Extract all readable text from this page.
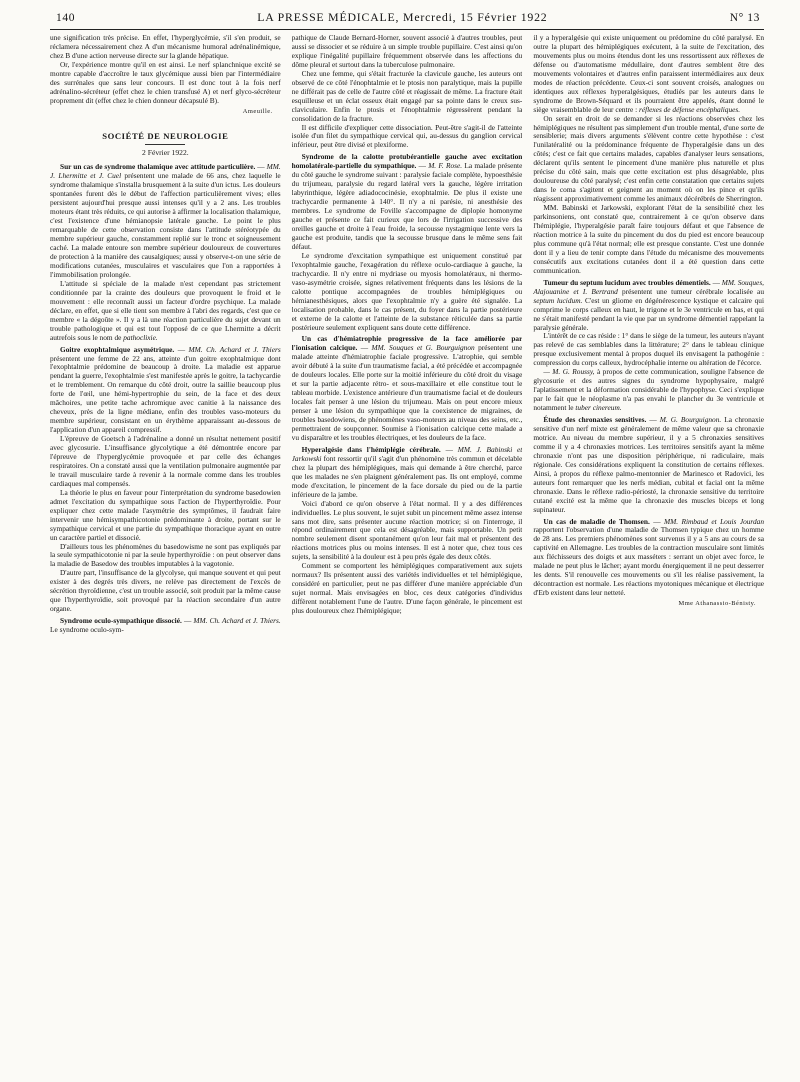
140	LA PRESSE MÉDICALE, Mercredi, 15 Février 1922	N° 13

une signification très précise. En effet, l'hyperglycémie, s'il s'en produit, se réclamera nécessairement chez A d'un mécanisme humoral adrénalinémique, chez B d'une action nerveuse directe sur la glande hépatique.

Or, l'expérience montre qu'il en est ainsi. Le nerf splanchnique excité se montre capable d'accroître le taux glycémique aussi bien par l'intermédiaire des surrénales que sans leur concours. Il est donc tout à la fois nerf adrénalino-sécréteur (effet chez le chien transfusé A) et nerf glyco-sécréteur proprement dit (effet chez le chien donneur décapsulé B).

Ameuille.
SOCIÉTÉ DE NEUROLOGIE
2 Février 1922.

Sur un cas de syndrome thalamique avec attitude particulière. — MM. J. Lhermitte et J. Cuel présentent une malade de 66 ans, chez laquelle le syndrome thalamique s'installa brusquement à la suite d'un ictus. Les douleurs spontanées furent dès le début de l'affection particulièrement vives; elles persistent aujourd'hui presque aussi intenses qu'il y a 2 ans. Les troubles moteurs étant très réduits, ce qui autorise à affirmer la localisation thalamique, c'est l'existence d'une hémianopsie latérale gauche. Le point le plus remarquable de cette observation consiste dans l'attitude stéréotypée du membre supérieur gauche, constamment replié sur le tronc et soigneusement caché. La malade entoure son membre supérieur douloureux de couvertures de protection à la manière des causalgiques; aussi y observe-t-on une série de modifications cutanées, musculaires et vasculaires que l'on a rapportées à l'immobilisation prolongée.

L'attitude si spéciale de la malade n'est cependant pas strictement conditionnée par la crainte des douleurs que provoquent le froid et le mouvement : elle reconnaît aussi un facteur d'ordre psychique. La malade déclare, en effet, que si elle tient son membre à l'abri des regards, c'est que ce membre « la dégoûte ». Il y a là une réaction particulière du sujet devant un trouble pathologique et qui est tout l'opposé de ce que Lhermitte a décrit autrefois sous le nom de pathoclixie.

Goitre exophtalmique asymétrique. — MM. Ch. Achard et J. Thiers présentent une femme de 22 ans, atteinte d'un goitre exophtalmique dont l'exophtalmie prédomine de beaucoup à droite. La maladie est apparue pendant la guerre, l'exophtalmie s'est manifestée après le goitre, la tachycardie et le tremblement. On remarque du côté droit, outre la saillie beaucoup plus forte de l'œil, une hémi-hypertrophie du sein, de la face et des deux mâchoires, une petite tache achromique avec canitie à la naissance des cheveux, près de la ligne médiane, enfin des troubles vaso-moteurs du membre supérieur, consistant en un érythème apparaissant au-dessous de l'application d'un appareil compressif.

L'épreuve de Goetsch à l'adrénaline a donné un résultat nettement positif avec glycosurie. L'insuffisance glycolytique a été démontrée encore par l'épreuve de l'hyperglycémie provoquée et par celle des échanges respiratoires. On a constaté aussi que la ventilation pulmonaire augmentée par le travail musculaire tarde à revenir à la normale comme dans les troubles cardiaques mal compensés.

La théorie le plus en faveur pour l'interprétation du syndrome basedowien admet l'excitation du sympathique sous l'action de l'hyperthyroïdie. Pour expliquer chez cette malade l'asymétrie des symptômes, il faudrait faire intervenir une hémisympathicotonie prédominante à droite, portant sur le sympathique cervical et une partie du sympathique thoracique ayant en outre un caractère partiel et dissocié.

D'ailleurs tous les phénomènes du basedowisme ne sont pas expliqués par la seule sympathicotonie ni par la seule hyperthyroïdie : on peut observer dans la maladie de Basedow des troubles imputables à la vagotonie.

D'autre part, l'insuffisance de la glycolyse, qui manque souvent et qui peut exister à des degrés très divers, ne relève pas directement de l'excès de sécrétion thyroïdienne, c'est un trouble associé, soit produit par la même cause que l'hyperthyroïdie, soit provoqué par la réaction secondaire d'un autre organe.

Syndrome oculo-sympathique dissocié. — MM. Ch. Achard et J. Thiers. Le syndrome oculo-sym-

pathique de Claude Bernard-Horner, souvent associé à d'autres troubles, peut aussi se dissocier et se réduire à un simple trouble pupillaire. C'est ainsi qu'on explique l'inégalité pupillaire fréquemment observée dans les affections du dôme pleural et surtout dans la tuberculose pulmonaire.

Chez une femme, qui s'était fracturée la clavicule gauche, les auteurs ont observé de ce côté l'énophtalmie et le ptosis non paralytique, mais la pupille ne différait pas de celle de l'autre côté et réagissait de même. La fracture était esquilleuse et un éclat osseux était engagé par sa pointe dans le creux sus-claviculaire. Enfin le ptosis et l'énophtalmie régressèrent pendant la consolidation de la fracture.

Il est difficile d'expliquer cette dissociation. Peut-être s'agit-il de l'atteinte isolée d'un filet du sympathique cervical qui, au-dessus du ganglion cervical inférieur, peut être divisé et plexiforme.

Syndrome de la calotte protubérantielle gauche avec excitation homolatérale-partielle du sympathique. — M. F. Rose. La malade présente du côté gauche le syndrome suivant : paralysie faciale complète, hypoesthésie du trijumeau, paralysie du regard latéral vers la gauche, légère irritation labyrinthique, légère adiadococinésie, exophtalmie. De plus il existe une trachycardie permanente à 140°. Il n'y a ni parésie, ni anesthésie des membres. Le syndrome de Foville s'accompagne de diplopie homonyme gauche et présente ce fait curieux que lors de l'irrigation successive des oreilles gauche et droite à l'eau froide, la secousse nystagmique lente vers la gauche est produite, tandis que la secousse brusque dans le même sens fait défaut.

Le syndrome d'excitation sympathique est uniquement constitué par l'exophtalmie gauche, l'exagération du réflexe oculo-cardiaque à gauche, la trachycardie. Il n'y entre ni mydriase ou myosis homolatéraux, ni thermo-vaso-asymétrie croisée, signes relativement fréquents dans les lésions de la calotte pontique accompagnées de troubles hémiplégiques ou hémianesthésiques, alors que l'exophtalmie n'y a guère été signalée. La localisation probable, dans le cas présent, du foyer dans la partie postérieure et externe de la calotte et l'atteinte de la substance réticulée dans sa partie postérieure seulement expliquent sans doute cette différence.

Un cas d'hémiatrophie progressive de la face améliorée par l'ionisation calcique. — MM. Souques et G. Bourguignon présentent une malade atteinte d'hémiatrophie faciale progressive. L'atrophie, qui semble avoir débuté à la suite d'un traumatisme facial, a été précédée et accompagnée de douleurs locales. Elle porte sur la moitié inférieure du côté droit du visage et sur la partie adjacente rétro- et sous-maxillaire et elle constitue tout le tableau morbide. L'existence antérieure d'un traumatisme facial et de douleurs locales fait penser à une lésion du trijumeau. Mais on peut encore mieux penser à une lésion du sympathique que la coexistence de migraines, de troubles basedowiens, de phénomènes vaso-moteurs au niveau des seins, etc., permettraient de soupçonner. Soumise à l'ionisation calcique cette malade a vu disparaître et les troubles électriques, et les douleurs de la face.

Hyperalgésie dans l'hémiplégie cérébrale. — MM. J. Babinski et Jarkowski font ressortir qu'il s'agit d'un phénomène très commun et décelable chez la plupart des hémiplégiques, mais qui demande à être cherché, parce que les malades ne s'en plaignent généralement pas. Ils ont employé, comme mode d'excitation, le pincement de la face dorsale du pied ou de la partie inférieure de la jambe.

Voici d'abord ce qu'on observe à l'état normal. Il y a des différences individuelles. Le plus souvent, le sujet subit un pincement même assez intense sans mot dire, sans présenter aucune réaction motrice; si on l'interroge, il répond ordinairement que cela est désagréable, mais supportable. Un petit nombre seulement disent spontanément qu'on leur fait mal et présentent des réactions motrices plus ou moins intenses. Il est à noter que, chez tous ces sujets, la sensibilité à la douleur est à peu près égale des deux côtés.

Comment se comportent les hémiplégiques comparativement aux sujets normaux? Ils présentent aussi des variétés individuelles et tel hémiplégique, considéré en particulier, peut ne pas différer d'une manière appréciable d'un sujet normal. Mais envisagées en bloc, ces deux catégories d'individus diffèrent notablement l'une de l'autre. D'une façon générale, le pincement est plus douloureux chez l'hémiplégique;

il y a hyperalgésie qui existe uniquement ou prédomine du côté paralysé. En outre la plupart des hémiplégiques exécutent, à la suite de l'excitation, des mouvements plus ou moins étendus dont les uns ressortissent aux réflexes de défense ou d'automatisme médullaire, dont d'autres semblent être des mouvements volontaires et d'autres enfin paraissent intermédiaires aux deux modes de réaction précédente. Ceux-ci sont souvent croisés, analogues ou identiques aux réflexes hyperalgésiques, étudiés par les auteurs dans le syndrome de Brown-Séquard et ils pourraient être appelés, étant donné le siège vraisemblable de leur centre : réflexes de défense encéphaliques.

On serait en droit de se demander si les réactions observées chez les hémiplégiques ne résultent pas simplement d'un trouble mental, d'une sorte de sensiblerie; mais divers arguments s'élèvent contre cette hypothèse : c'est l'unilatéralité ou la prédominance fréquente de l'hyperalgésie dans un des côtés; c'est ce fait que certains malades, capables d'analyser leurs sensations, déclarent qu'ils sentent le pincement d'une manière plus naturelle et plus précise du côté sain, mais que cette excitation est plus désagréable, plus douloureuse du côté paralysé; c'est enfin cette constatation que certains sujets dans le coma s'agitent et geignent au moment où on les pince et qu'ils réagissent approximativement comme les animaux décérébrés de Sherrington.

MM. Babinski et Jarkowski, explorant l'état de la sensibilité chez les parkinsoniens, ont constaté que, contrairement à ce qu'on observe dans l'hémiplégie, l'hyperalgésie paraît faire toujours défaut et que l'absence de réaction motrice à la suite du pincement du dos du pied est encore beaucoup plus commune qu'à l'état normal; elle est presque constante. C'est une donnée dont il y a lieu de tenir compte dans l'étude du mécanisme des mouvements consécutifs aux excitations cutanées dont il a été question dans cette communication.

Tumeur du septum lucidum avec troubles démentiels. — MM. Souques, Alajouanine et I. Bertrand présentent une tumeur cérébrale localisée au septum lucidum. C'est un gliome en dégénérescence kystique et calcaire qui comprime le corps calleux en haut, le trigone et le 3e ventricule en bas, et qui ne s'était manifesté pendant la vie que par un syndrome démentiel rappelant la paralysie générale.

L'intérêt de ce cas réside : 1° dans le siège de la tumeur, les auteurs n'ayant pas relevé de cas semblables dans la littérature; 2° dans le tableau clinique presque exclusivement mental à propos duquel ils envisagent la pathogénie : compression du corps calleux, hydrocéphalie interne ou altération de l'écorce.

— M. G. Roussy, à propos de cette communication, souligne l'absence de glycosurie et des autres signes du syndrome hypophysaire, malgré l'aplatissement et la déformation considérable de l'hypophyse. Ceci s'explique par le fait que le néoplasme n'a pas envahi le plancher du 3e ventricule et notamment le tuber cinereum.

Étude des chronaxies sensitives. — M. G. Bourguignon. La chronaxie sensitive d'un nerf mixte est généralement de même valeur que sa chronaxie motrice. Au niveau du membre supérieur, il y a 5 chronaxies sensitives comme il y a 4 chronaxies motrices. Les territoires sensitifs ayant la même chronaxie n'ont pas une disposition périphérique, ni radiculaire, mais régionale. Ces considérations expliquent la constitution de certains réflexes. Ainsi, à propos du réflexe palmo-mentonnier de Marinesco et Radovici, les auteurs font remarquer que les nerfs médian, cubital et facial ont la même chronaxie. Dans le réflexe radio-périosté, la chronaxie sensitive du territoire cutané excité est la même que la chronaxie des muscles biceps et long supinateur.

Un cas de maladie de Thomsen. — MM. Rimbaud et Louis Jourdan rapportent l'observation d'une maladie de Thomsen typique chez un homme de 28 ans. Les premiers phénomènes sont survenus il y a 5 ans au cours de sa captivité en Allemagne. Les troubles de la contraction musculaire sont limités aux fléchisseurs des doigts et aux masséters : serrant un objet avec force, le malade ne peut plus le lâcher; ayant mordu énergiquement il ne peut desserrer les dents. S'il renouvelle ces mouvements ou s'il les réalise passivement, la décontraction est normale. Les réactions myotoniques mécanique et électrique d'Erb existent dans leur netteté.

Mme Athanassio-Bénisty.
